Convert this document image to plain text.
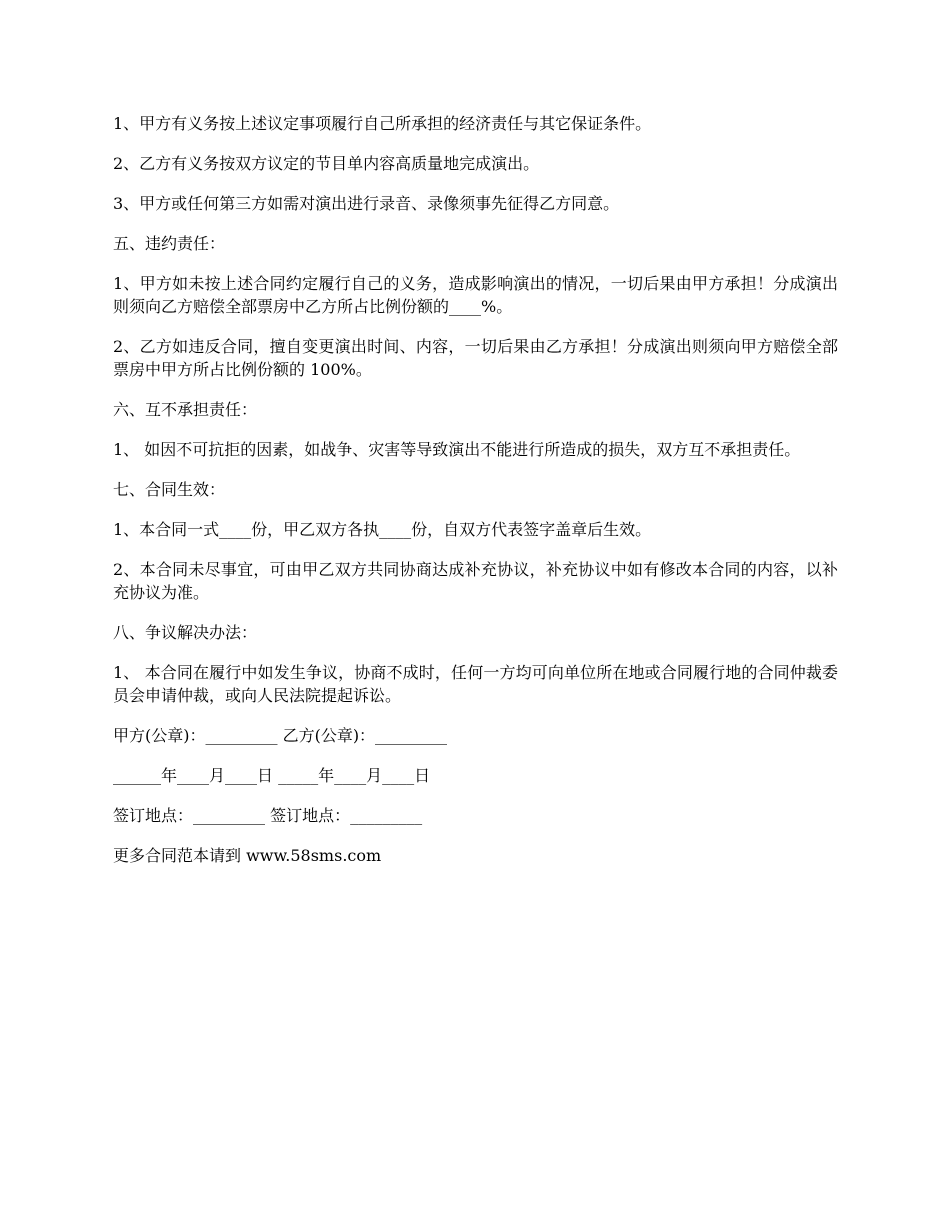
1、甲方有义务按上述议定事项履行自己所承担的经济责任与其它保证条件。

2、乙方有义务按双方议定的节目单内容高质量地完成演出。

3、甲方或任何第三方如需对演出进行录音、录像须事先征得乙方同意。

五、违约责任：

1、甲方如未按上述合同约定履行自己的义务，造成影响演出的情况，一切后果由甲方承担！分成演出则须向乙方赔偿全部票房中乙方所占比例份额的____%。

2、乙方如违反合同，擅自变更演出时间、内容，一切后果由乙方承担！分成演出则须向甲方赔偿全部票房中甲方所占比例份额的 100%。

六、互不承担责任：

1、 如因不可抗拒的因素，如战争、灾害等导致演出不能进行所造成的损失，双方互不承担责任。

七、合同生效：

1、本合同一式____份，甲乙双方各执____份，自双方代表签字盖章后生效。

2、本合同未尽事宜，可由甲乙双方共同协商达成补充协议，补充协议中如有修改本合同的内容，以补充协议为准。

八、争议解决办法：

1、 本合同在履行中如发生争议，协商不成时，任何一方均可向单位所在地或合同履行地的合同仲裁委员会申请仲裁，或向人民法院提起诉讼。

甲方(公章)：_________ 乙方(公章)：_________

______年____月____日 _____年____月____日

签订地点：_________ 签订地点：_________

更多合同范本请到 www.58sms.com
